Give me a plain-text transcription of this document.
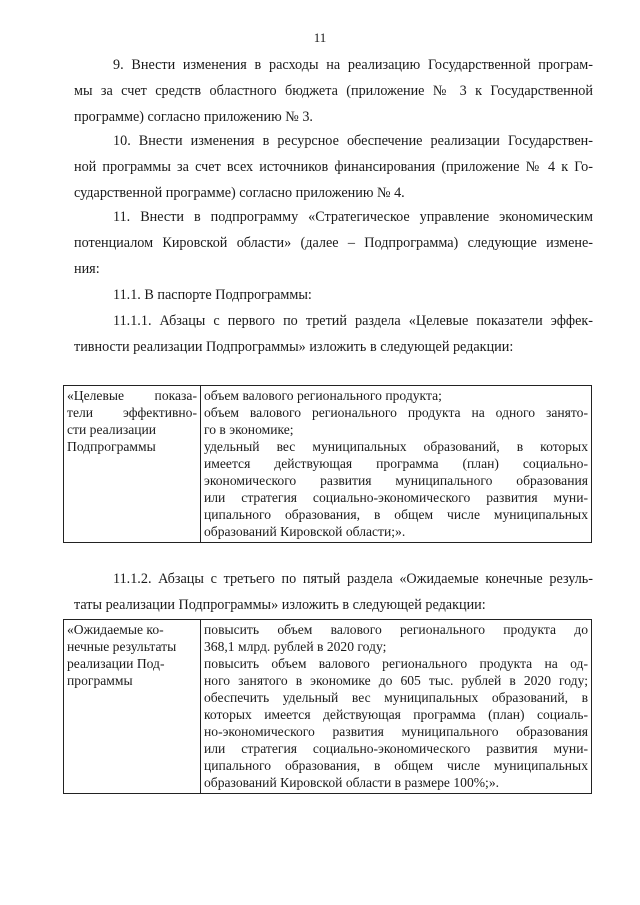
11
9. Внести изменения в расходы на реализацию Государственной програм-
мы за счет средств областного бюджета (приложение № 3 к Государственной
программе) согласно приложению № 3.
10. Внести изменения в ресурсное обеспечение реализации Государствен-
ной программы за счет всех источников финансирования (приложение № 4 к Го-
сударственной программе) согласно приложению № 4.
11. Внести в подпрограмму «Стратегическое управление экономическим
потенциалом Кировской области» (далее – Подпрограмма) следующие измене-
ния:
11.1. В паспорте Подпрограммы:
11.1.1. Абзацы с первого по третий раздела «Целевые показатели эффек-
тивности реализации Подпрограммы» изложить в следующей редакции:
«Целевые показа-
тели эффективно-
сти реализации
Подпрограммы

объем валового регионального продукта;
объем валового регионального продукта на одного занято-
го в экономике;
удельный вес муниципальных образований, в которых
имеется действующая программа (план) социально-
экономического развития муниципального образования
или стратегия социально-экономического развития муни-
ципального образования, в общем числе муниципальных
образований Кировской области;».
11.1.2. Абзацы с третьего по пятый раздела «Ожидаемые конечные резуль-
таты реализации Подпрограммы» изложить в следующей редакции:
«Ожидаемые ко-
нечные результаты
реализации Под-
программы

повысить объем валового регионального продукта до
368,1 млрд. рублей в 2020 году;
повысить объем валового регионального продукта на од-
ного занятого в экономике до 605 тыс. рублей в 2020 году;
обеспечить удельный вес муниципальных образований, в
которых имеется действующая программа (план) социаль-
но-экономического развития муниципального образования
или стратегия социально-экономического развития муни-
ципального образования, в общем числе муниципальных
образований Кировской области в размере 100%;».
